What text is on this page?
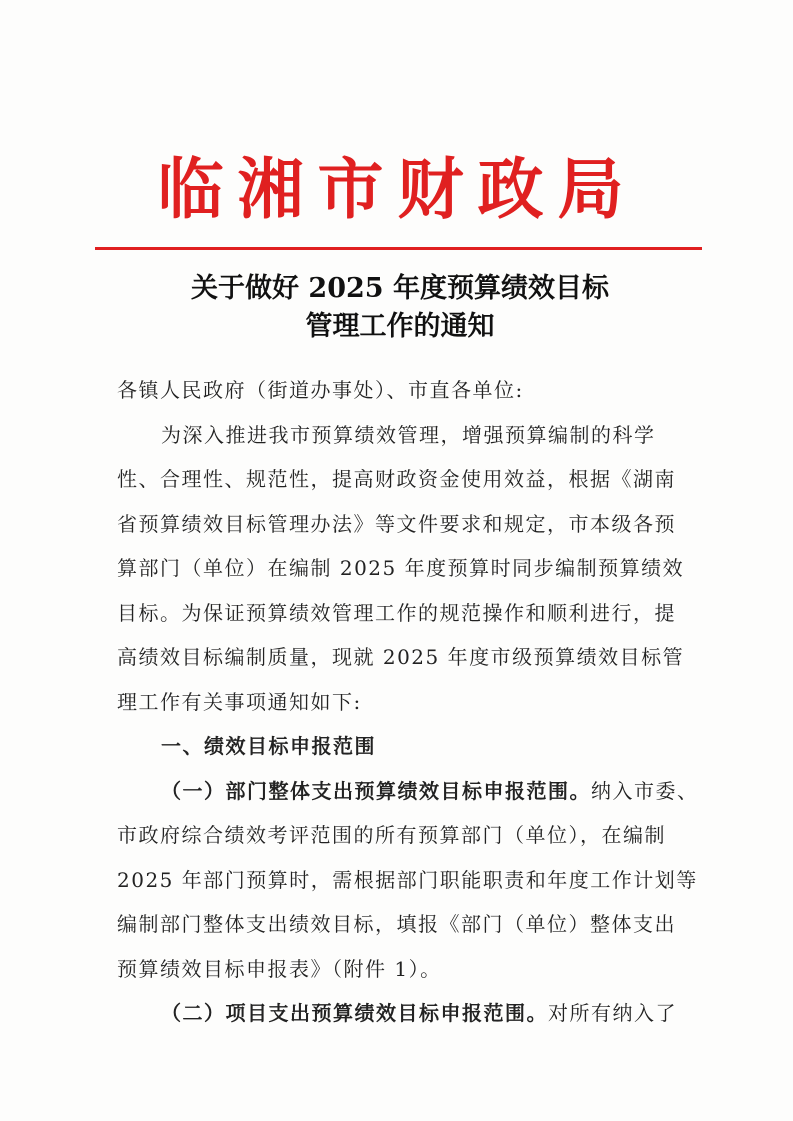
临湘市财政局
关于做好 2025 年度预算绩效目标
管理工作的通知
各镇人民政府（街道办事处）、市直各单位:
为深入推进我市预算绩效管理，增强预算编制的科学
性、合理性、规范性，提高财政资金使用效益，根据《湖南
省预算绩效目标管理办法》等文件要求和规定，市本级各预
算部门（单位）在编制 2025 年度预算时同步编制预算绩效
目标。为保证预算绩效管理工作的规范操作和顺利进行，提
高绩效目标编制质量，现就 2025 年度市级预算绩效目标管
理工作有关事项通知如下:
一、绩效目标申报范围
（一）部门整体支出预算绩效目标申报范围。纳入市委、
市政府综合绩效考评范围的所有预算部门（单位），在编制
2025 年部门预算时，需根据部门职能职责和年度工作计划等
编制部门整体支出绩效目标，填报《部门（单位）整体支出
预算绩效目标申报表》（附件 1）。
（二）项目支出预算绩效目标申报范围。对所有纳入了
